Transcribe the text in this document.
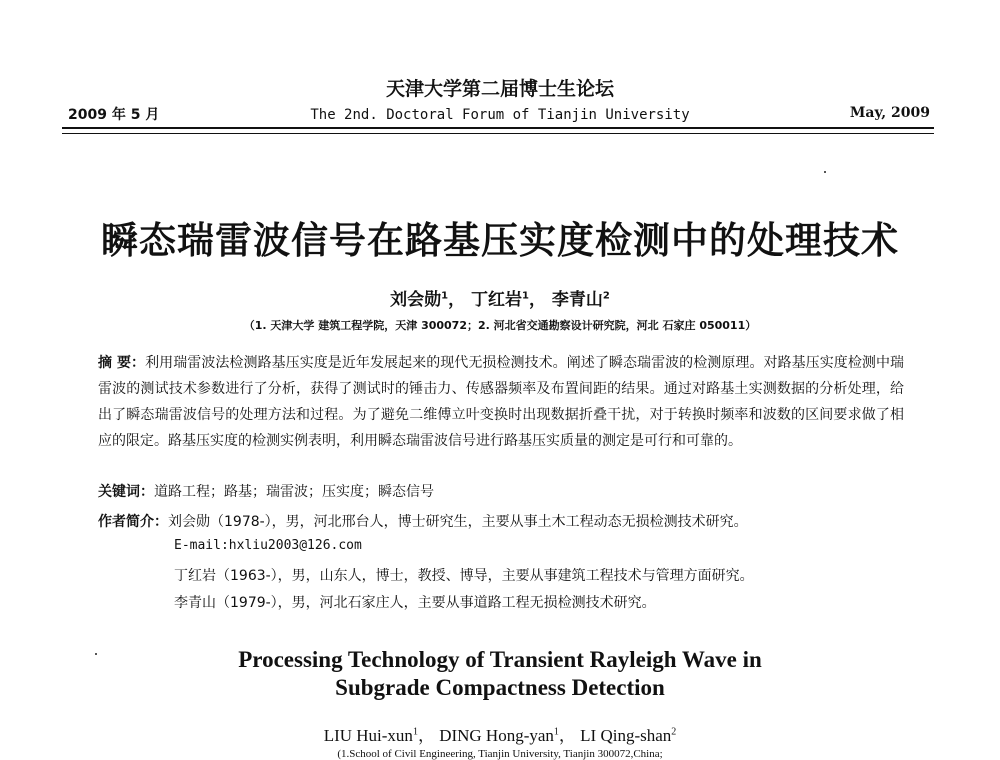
天津大学第二届博士生论坛
2009 年 5 月	The 2nd. Doctoral Forum of Tianjin University	May, 2009
瞬态瑞雷波信号在路基压实度检测中的处理技术
刘会勋$^1$， 丁红岩$^1$， 李青山$^2$
（1. 天津大学 建筑工程学院，天津 300072；2. 河北省交通勘察设计研究院，河北 石家庄 050011）
摘 要：利用瑞雷波法检测路基压实度是近年发展起来的现代无损检测技术。阐述了瞬态瑞雷波的检测原理。对路基压实度检测中瑞雷波的测试技术参数进行了分析，获得了测试时的锤击力、传感器频率及布置间距的结果。通过对路基土实测数据的分析处理，给出了瞬态瑞雷波信号的处理方法和过程。为了避免二维傅立叶变换时出现数据折叠干扰，对于转换时频率和波数的区间要求做了相应的限定。路基压实度的检测实例表明，利用瞬态瑞雷波信号进行路基压实质量的测定是可行和可靠的。
关键词：道路工程；路基；瑞雷波；压实度；瞬态信号
作者简介：刘会勋（1978-），男，河北邢台人，博士研究生，主要从事土木工程动态无损检测技术研究。
E-mail:hxliu2003@126.com
丁红岩（1963-），男，山东人，博士，教授、博导，主要从事建筑工程技术与管理方面研究。
李青山（1979-），男，河北石家庄人，主要从事道路工程无损检测技术研究。
Processing Technology of Transient Rayleigh Wave in
Subgrade Compactness Detection
LIU Hui-xun$^1$， DING Hong-yan$^1$， LI Qing-shan$^2$
(1.School of Civil Engineering, Tianjin University, Tianjin 300072,China;
